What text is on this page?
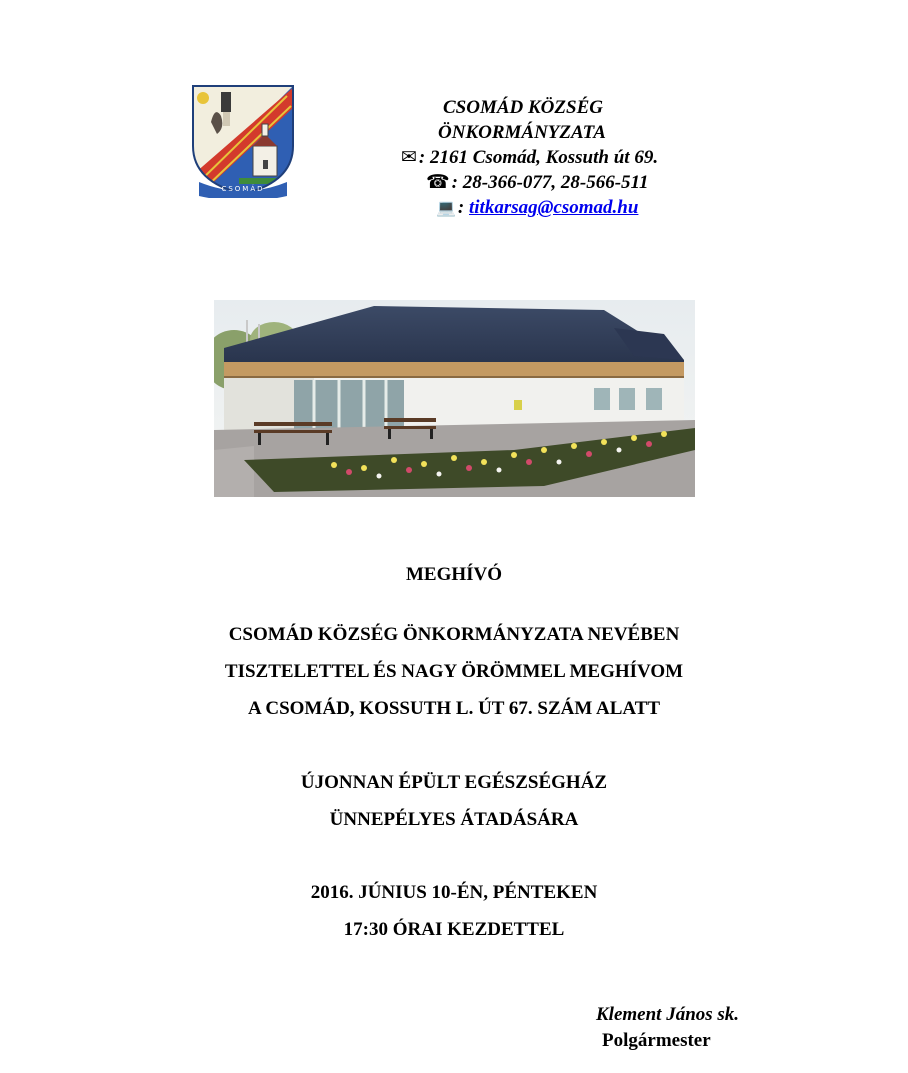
CSOMÁD
CSOMÁD KÖZSÉG
ÖNKORMÁNYZATA
✉ : 2161 Csomád, Kossuth út 69.
☎ : 28-366-077, 28-566-511
💻 : titkarsag@csomad.hu
MEGHÍVÓ
CSOMÁD KÖZSÉG ÖNKORMÁNYZATA NEVÉBEN
TISZTELETTEL ÉS NAGY ÖRÖMMEL MEGHÍVOM
A CSOMÁD, KOSSUTH L. ÚT 67. SZÁM ALATT
ÚJONNAN ÉPÜLT EGÉSZSÉGHÁZ
ÜNNEPÉLYES ÁTADÁSÁRA
2016. JÚNIUS 10-ÉN, PÉNTEKEN
17:30 ÓRAI KEZDETTEL
Klement János sk.
Polgármester
